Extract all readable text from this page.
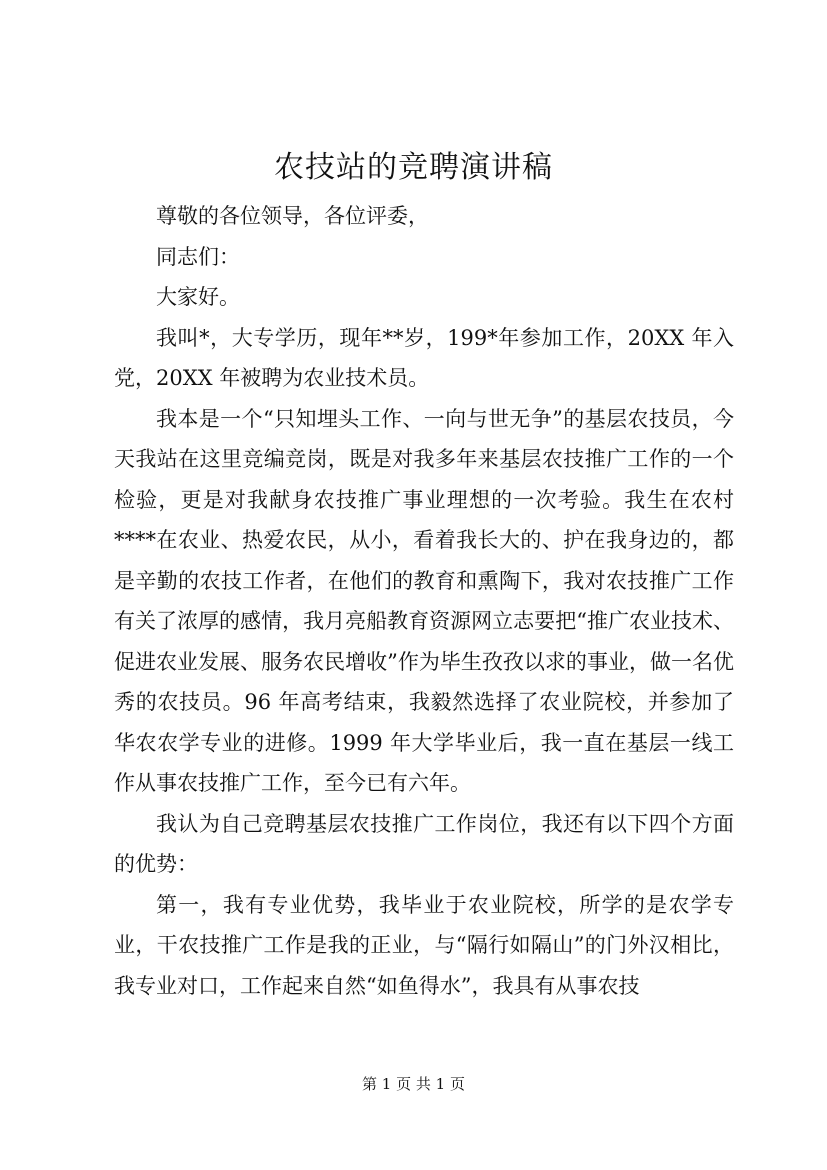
农技站的竞聘演讲稿

尊敬的各位领导，各位评委，

同志们：

大家好。

我叫*，大专学历，现年**岁，199*年参加工作，20XX 年入党，20XX 年被聘为农业技术员。

我本是一个“只知埋头工作、一向与世无争”的基层农技员，今天我站在这里竞编竞岗，既是对我多年来基层农技推广工作的一个检验，更是对我献身农技推广事业理想的一次考验。我生在农村****在农业、热爱农民，从小，看着我长大的、护在我身边的，都是辛勤的农技工作者，在他们的教育和熏陶下，我对农技推广工作有关了浓厚的感情，我月亮船教育资源网立志要把“推广农业技术、促进农业发展、服务农民增收”作为毕生孜孜以求的事业，做一名优秀的农技员。96 年高考结束，我毅然选择了农业院校，并参加了华农农学专业的进修。1999 年大学毕业后，我一直在基层一线工作从事农技推广工作，至今已有六年。

我认为自己竞聘基层农技推广工作岗位，我还有以下四个方面的优势：

第一，我有专业优势，我毕业于农业院校，所学的是农学专业，干农技推广工作是我的正业，与“隔行如隔山”的门外汉相比，我专业对口，工作起来自然“如鱼得水”，我具有从事农技

第 1 页 共 1 页
